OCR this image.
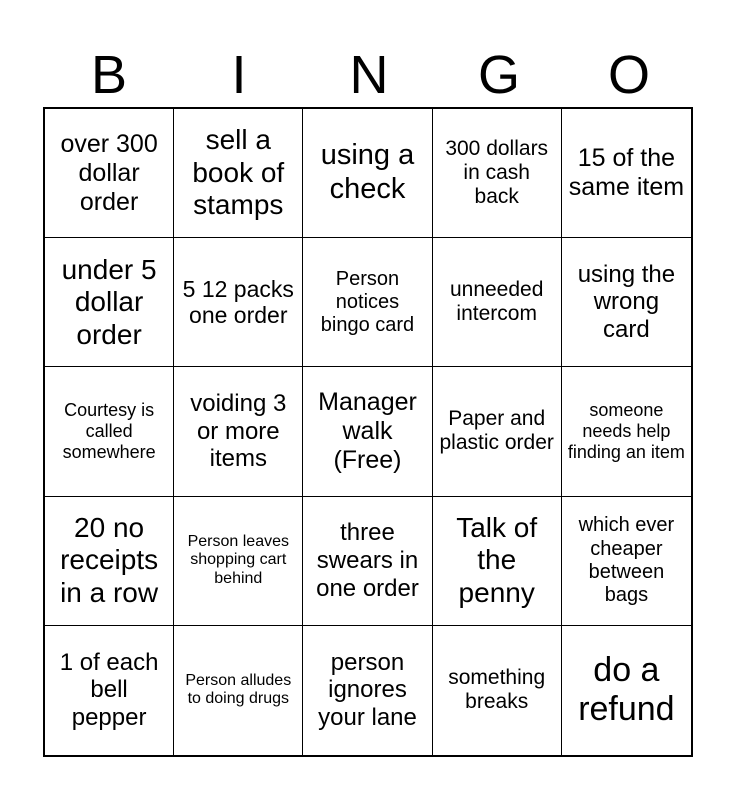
B	I	N	G	O
over 300 dollar order
sell a book of stamps
using a check
300 dollars in cash back
15 of the same item
under 5 dollar order
5 12 packs one order
Person notices bingo card
unneeded intercom
using the wrong card
Courtesy is called somewhere
voiding 3 or more items
Manager walk (Free)
Paper and plastic order
someone needs help finding an item
20 no receipts in a row
Person leaves shopping cart behind
three swears in one order
Talk of the penny
which ever cheaper between bags
1 of each bell pepper
Person alludes to doing drugs
person ignores your lane
something breaks
do a refund
